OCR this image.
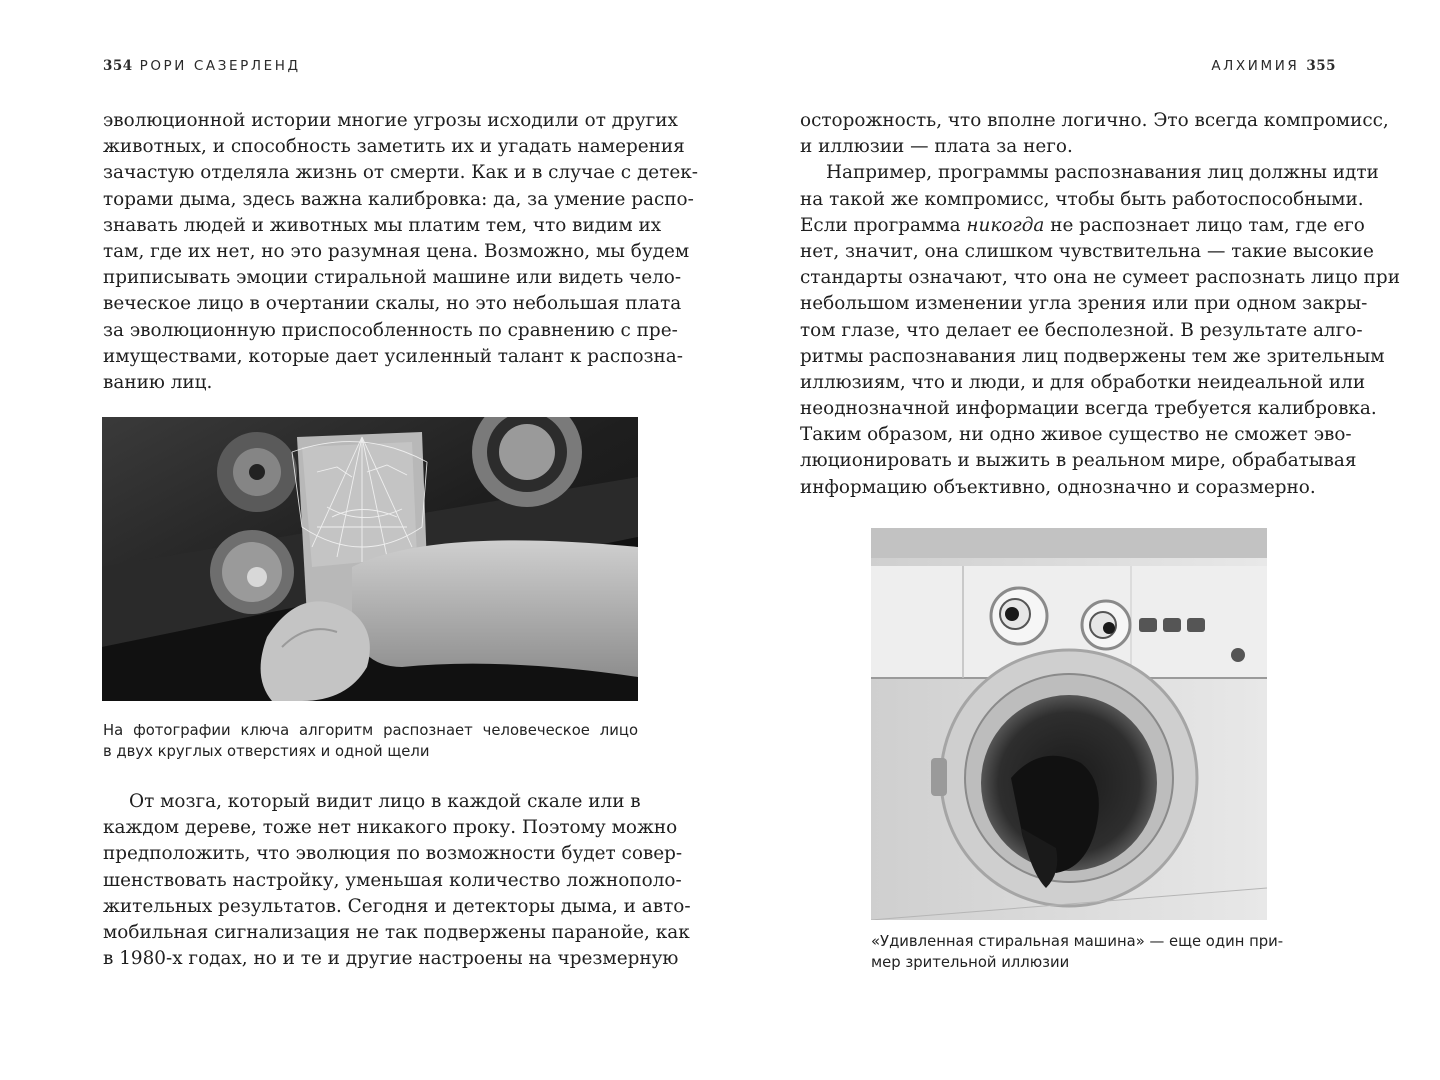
354 РОРИ САЗЕРЛЕНД
эволюционной истории многие угрозы исходили от других
животных, и способность заметить их и угадать намерения
зачастую отделяла жизнь от смерти. Как и в случае с детек-
торами дыма, здесь важна калибровка: да, за умение распо-
знавать людей и животных мы платим тем, что видим их
там, где их нет, но это разумная цена. Возможно, мы будем
приписывать эмоции стиральной машине или видеть чело-
веческое лицо в очертании скалы, но это небольшая плата
за эволюционную приспособленность по сравнению с пре-
имуществами, которые дает усиленный талант к распозна-
ванию лиц.
На фотографии ключа алгоритм распознает человеческое лицо
в двух круглых отверстиях и одной щели
От мозга, который видит лицо в каждой скале или в
каждом дереве, тоже нет никакого проку. Поэтому можно
предположить, что эволюция по возможности будет совер-
шенствовать настройку, уменьшая количество ложнополо-
жительных результатов. Сегодня и детекторы дыма, и авто-
мобильная сигнализация не так подвержены паранойе, как
в 1980-х годах, но и те и другие настроены на чрезмерную
АЛХИМИЯ 355
осторожность, что вполне логично. Это всегда компромисс,
и иллюзии — плата за него.
Например, программы распознавания лиц должны идти
на такой же компромисс, чтобы быть работоспособными.
Если программа никогда не распознает лицо там, где его
нет, значит, она слишком чувствительна — такие высокие
стандарты означают, что она не сумеет распознать лицо при
небольшом изменении угла зрения или при одном закры-
том глазе, что делает ее бесполезной. В результате алго-
ритмы распознавания лиц подвержены тем же зрительным
иллюзиям, что и люди, и для обработки неидеальной или
неоднозначной информации всегда требуется калибровка.
Таким образом, ни одно живое существо не сможет эво-
люционировать и выжить в реальном мире, обрабатывая
информацию объективно, однозначно и соразмерно.
«Удивленная стиральная машина» — еще один при-
мер зрительной иллюзии
